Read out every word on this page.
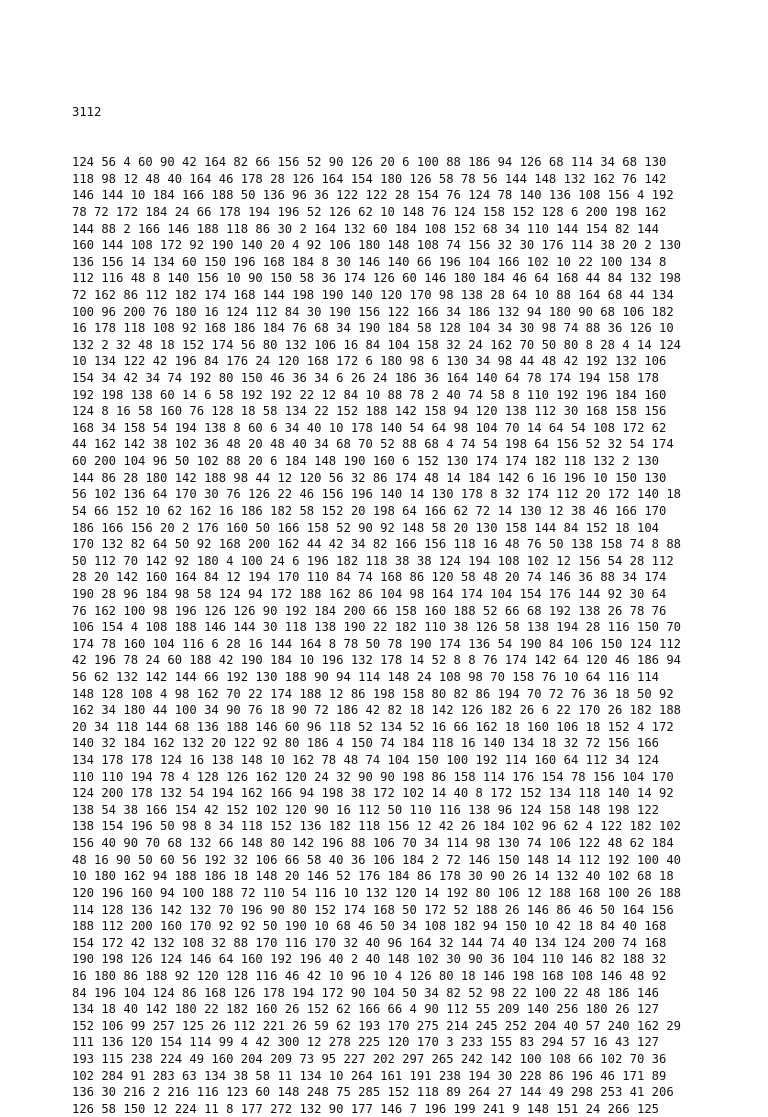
3112

124 56 4 60 90 42 164 82 66 156 52 90 126 20 6 100 88 186 94 126 68 114 34 68 130
118 98 12 48 40 164 46 178 28 126 164 154 180 126 58 78 56 144 148 132 162 76 142
146 144 10 184 166 188 50 136 96 36 122 122 28 154 76 124 78 140 136 108 156 4 192
78 72 172 184 24 66 178 194 196 52 126 62 10 148 76 124 158 152 128 6 200 198 162
144 88 2 166 146 188 118 86 30 2 164 132 60 184 108 152 68 34 110 144 154 82 144
160 144 108 172 92 190 140 20 4 92 106 180 148 108 74 156 32 30 176 114 38 20 2 130
136 156 14 134 60 150 196 168 184 8 30 146 140 66 196 104 166 102 10 22 100 134 8
112 116 48 8 140 156 10 90 150 58 36 174 126 60 146 180 184 46 64 168 44 84 132 198
72 162 86 112 182 174 168 144 198 190 140 120 170 98 138 28 64 10 88 164 68 44 134
100 96 200 76 180 16 124 112 84 30 190 156 122 166 34 186 132 94 180 90 68 106 182
16 178 118 108 92 168 186 184 76 68 34 190 184 58 128 104 34 30 98 74 88 36 126 10
132 2 32 48 18 152 174 56 80 132 106 16 84 104 158 32 24 162 70 50 80 8 28 4 14 124
10 134 122 42 196 84 176 24 120 168 172 6 180 98 6 130 34 98 44 48 42 192 132 106
154 34 42 34 74 192 80 150 46 36 34 6 26 24 186 36 164 140 64 78 174 194 158 178
192 198 138 60 14 6 58 192 192 22 12 84 10 88 78 2 40 74 58 8 110 192 196 184 160
124 8 16 58 160 76 128 18 58 134 22 152 188 142 158 94 120 138 112 30 168 158 156
168 34 158 54 194 138 8 60 6 34 40 10 178 140 54 64 98 104 70 14 64 54 108 172 62
44 162 142 38 102 36 48 20 48 40 34 68 70 52 88 68 4 74 54 198 64 156 52 32 54 174
60 200 104 96 50 102 88 20 6 184 148 190 160 6 152 130 174 174 182 118 132 2 130
144 86 28 180 142 188 98 44 12 120 56 32 86 174 48 14 184 142 6 16 196 10 150 130
56 102 136 64 170 30 76 126 22 46 156 196 140 14 130 178 8 32 174 112 20 172 140 18
54 66 152 10 62 162 16 186 182 58 152 20 198 64 166 62 72 14 130 12 38 46 166 170
186 166 156 20 2 176 160 50 166 158 52 90 92 148 58 20 130 158 144 84 152 18 104
170 132 82 64 50 92 168 200 162 44 42 34 82 166 156 118 16 48 76 50 138 158 74 8 88
50 112 70 142 92 180 4 100 24 6 196 182 118 38 38 124 194 108 102 12 156 54 28 112
28 20 142 160 164 84 12 194 170 110 84 74 168 86 120 58 48 20 74 146 36 88 34 174
190 28 96 184 98 58 124 94 172 188 162 86 104 98 164 174 104 154 176 144 92 30 64
76 162 100 98 196 126 126 90 192 184 200 66 158 160 188 52 66 68 192 138 26 78 76
106 154 4 108 188 146 144 30 118 138 190 22 182 110 38 126 58 138 194 28 116 150 70
174 78 160 104 116 6 28 16 144 164 8 78 50 78 190 174 136 54 190 84 106 150 124 112
42 196 78 24 60 188 42 190 184 10 196 132 178 14 52 8 8 76 174 142 64 120 46 186 94
56 62 132 142 144 66 192 130 188 90 94 114 148 24 108 98 70 158 76 10 64 116 114
148 128 108 4 98 162 70 22 174 188 12 86 198 158 80 82 86 194 70 72 76 36 18 50 92
162 34 180 44 100 34 90 76 18 90 72 186 42 82 18 142 126 182 26 6 22 170 26 182 188
20 34 118 144 68 136 188 146 60 96 118 52 134 52 16 66 162 18 160 106 18 152 4 172
140 32 184 162 132 20 122 92 80 186 4 150 74 184 118 16 140 134 18 32 72 156 166
134 178 178 124 16 138 148 10 162 78 48 74 104 150 100 192 114 160 64 112 34 124
110 110 194 78 4 128 126 162 120 24 32 90 90 198 86 158 114 176 154 78 156 104 170
124 200 178 132 54 194 162 166 94 198 38 172 102 14 40 8 172 152 134 118 140 14 92
138 54 38 166 154 42 152 102 120 90 16 112 50 110 116 138 96 124 158 148 198 122
138 154 196 50 98 8 34 118 152 136 182 118 156 12 42 26 184 102 96 62 4 122 182 102
156 40 90 70 68 132 66 148 80 142 196 88 106 70 34 114 98 130 74 106 122 48 62 184
48 16 90 50 60 56 192 32 106 66 58 40 36 106 184 2 72 146 150 148 14 112 192 100 40
10 180 162 94 188 186 18 148 20 146 52 176 184 86 178 30 90 26 14 132 40 102 68 18
120 196 160 94 100 188 72 110 54 116 10 132 120 14 192 80 106 12 188 168 100 26 188
114 128 136 142 132 70 196 90 80 152 174 168 50 172 52 188 26 146 86 46 50 164 156
188 112 200 160 170 92 92 50 190 10 68 46 50 34 108 182 94 150 10 42 18 84 40 168
154 172 42 132 108 32 88 170 116 170 32 40 96 164 32 144 74 40 134 124 200 74 168
190 198 126 124 146 64 160 192 196 40 2 40 148 102 30 90 36 104 110 146 82 188 32
16 180 86 188 92 120 128 116 46 42 10 96 10 4 126 80 18 146 198 168 108 146 48 92
84 196 104 124 86 168 126 178 194 172 90 104 50 34 82 52 98 22 100 22 48 186 146
134 18 40 142 180 22 182 160 26 152 62 166 66 4 90 112 55 209 140 256 180 26 127
152 106 99 257 125 26 112 221 26 59 62 193 170 275 214 245 252 204 40 57 240 162 29
111 136 120 154 114 99 4 42 300 12 278 225 120 170 3 233 155 83 294 57 16 43 127
193 115 238 224 49 160 204 209 73 95 227 202 297 265 242 142 100 108 66 102 70 36
102 284 91 283 63 134 38 58 11 134 10 264 161 191 238 194 30 228 86 196 46 171 89
136 30 216 2 216 116 123 60 148 248 75 285 152 118 89 264 27 144 49 298 253 41 206
126 58 150 12 224 11 8 177 272 132 90 177 146 7 196 199 241 9 148 151 24 266 125
